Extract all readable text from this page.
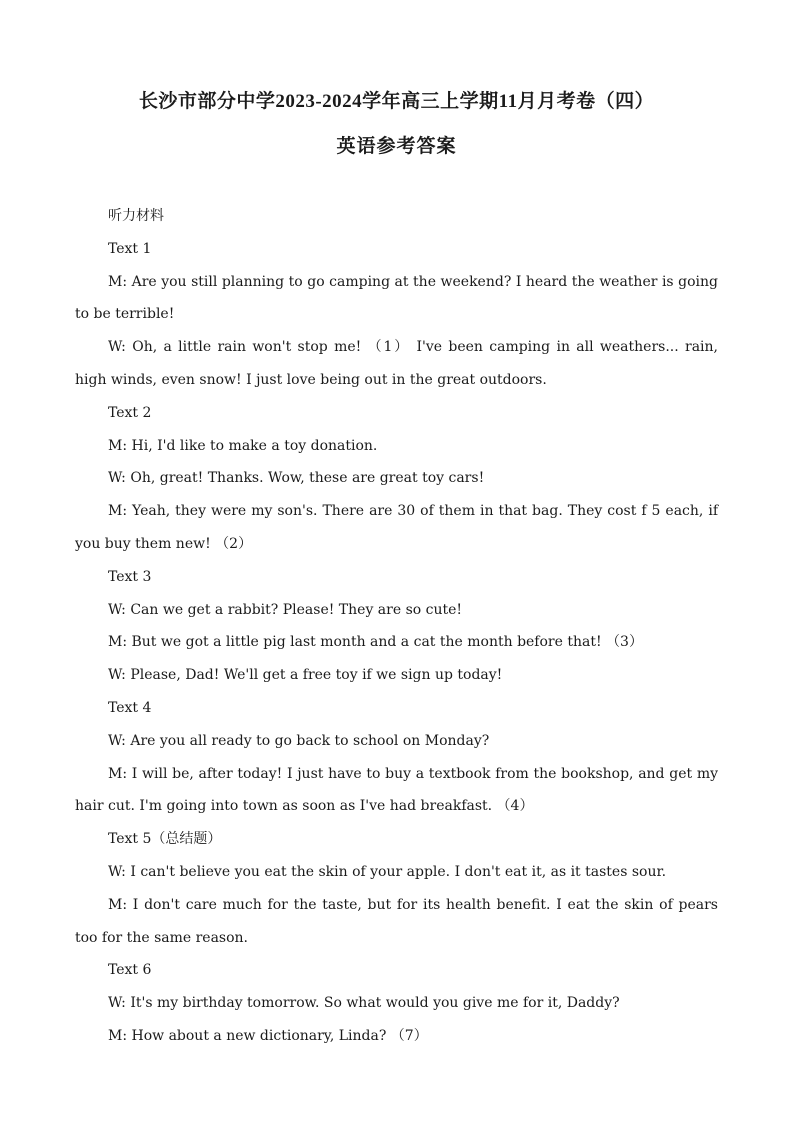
长沙市部分中学2023-2024学年高三上学期11月月考卷（四）
英语参考答案

听力材料

Text 1

M: Are you still planning to go camping at the weekend? I heard the weather is going to be terrible!

W: Oh, a little rain won't stop me! （1） I've been camping in all weathers... rain, high winds, even snow! I just love being out in the great outdoors.

Text 2

M: Hi, I'd like to make a toy donation.

W: Oh, great! Thanks. Wow, these are great toy cars!

M: Yeah, they were my son's. There are 30 of them in that bag. They cost f 5 each, if you buy them new! （2）

Text 3

W: Can we get a rabbit? Please! They are so cute!

M: But we got a little pig last month and a cat the month before that! （3）

W: Please, Dad! We'll get a free toy if we sign up today!

Text 4

W: Are you all ready to go back to school on Monday?

M: I will be, after today! I just have to buy a textbook from the bookshop, and get my hair cut. I'm going into town as soon as I've had breakfast. （4）

Text 5（总结题）

W: I can't believe you eat the skin of your apple. I don't eat it, as it tastes sour.

M: I don't care much for the taste, but for its health benefit. I eat the skin of pears too for the same reason.

Text 6

W: It's my birthday tomorrow. So what would you give me for it, Daddy?

M: How about a new dictionary, Linda? （7）
